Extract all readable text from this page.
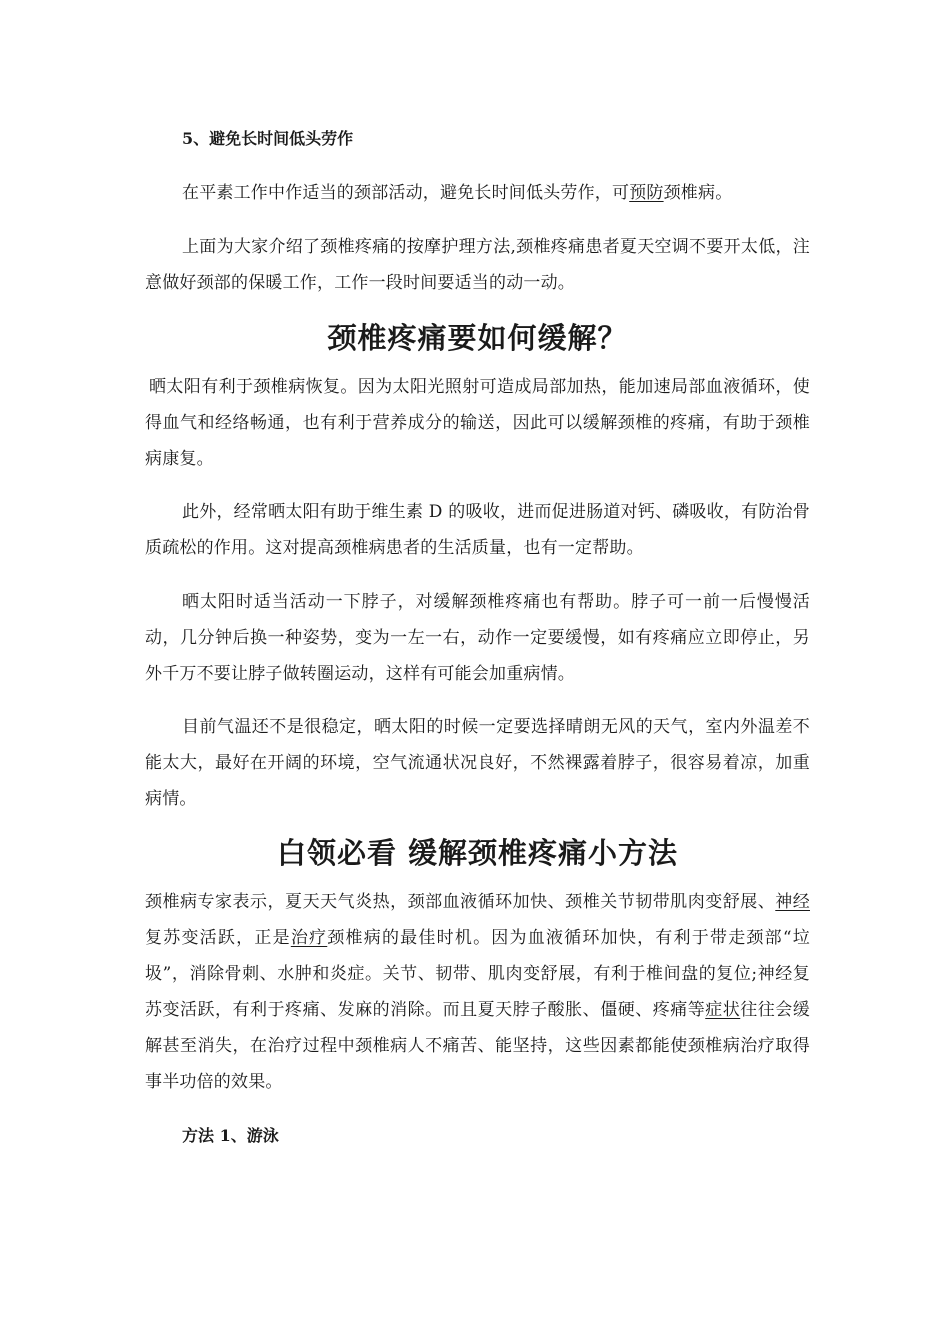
5、避免长时间低头劳作

在平素工作中作适当的颈部活动，避免长时间低头劳作，可预防颈椎病。

上面为大家介绍了颈椎疼痛的按摩护理方法,颈椎疼痛患者夏天空调不要开太低，注意做好颈部的保暖工作，工作一段时间要适当的动一动。

颈椎疼痛要如何缓解？

晒太阳有利于颈椎病恢复。因为太阳光照射可造成局部加热，能加速局部血液循环，使得血气和经络畅通，也有利于营养成分的输送，因此可以缓解颈椎的疼痛，有助于颈椎病康复。

此外，经常晒太阳有助于维生素 D 的吸收，进而促进肠道对钙、磷吸收，有防治骨质疏松的作用。这对提高颈椎病患者的生活质量，也有一定帮助。

晒太阳时适当活动一下脖子，对缓解颈椎疼痛也有帮助。脖子可一前一后慢慢活动，几分钟后换一种姿势，变为一左一右，动作一定要缓慢，如有疼痛应立即停止，另外千万不要让脖子做转圈运动，这样有可能会加重病情。

目前气温还不是很稳定，晒太阳的时候一定要选择晴朗无风的天气，室内外温差不能太大，最好在开阔的环境，空气流通状况良好，不然裸露着脖子，很容易着凉，加重病情。

白领必看 缓解颈椎疼痛小方法

颈椎病专家表示，夏天天气炎热，颈部血液循环加快、颈椎关节韧带肌肉变舒展、神经复苏变活跃，正是治疗颈椎病的最佳时机。因为血液循环加快，有利于带走颈部“垃圾”，消除骨刺、水肿和炎症。关节、韧带、肌肉变舒展，有利于椎间盘的复位;神经复苏变活跃，有利于疼痛、发麻的消除。而且夏天脖子酸胀、僵硬、疼痛等症状往往会缓解甚至消失，在治疗过程中颈椎病人不痛苦、能坚持，这些因素都能使颈椎病治疗取得事半功倍的效果。

方法 1、游泳
